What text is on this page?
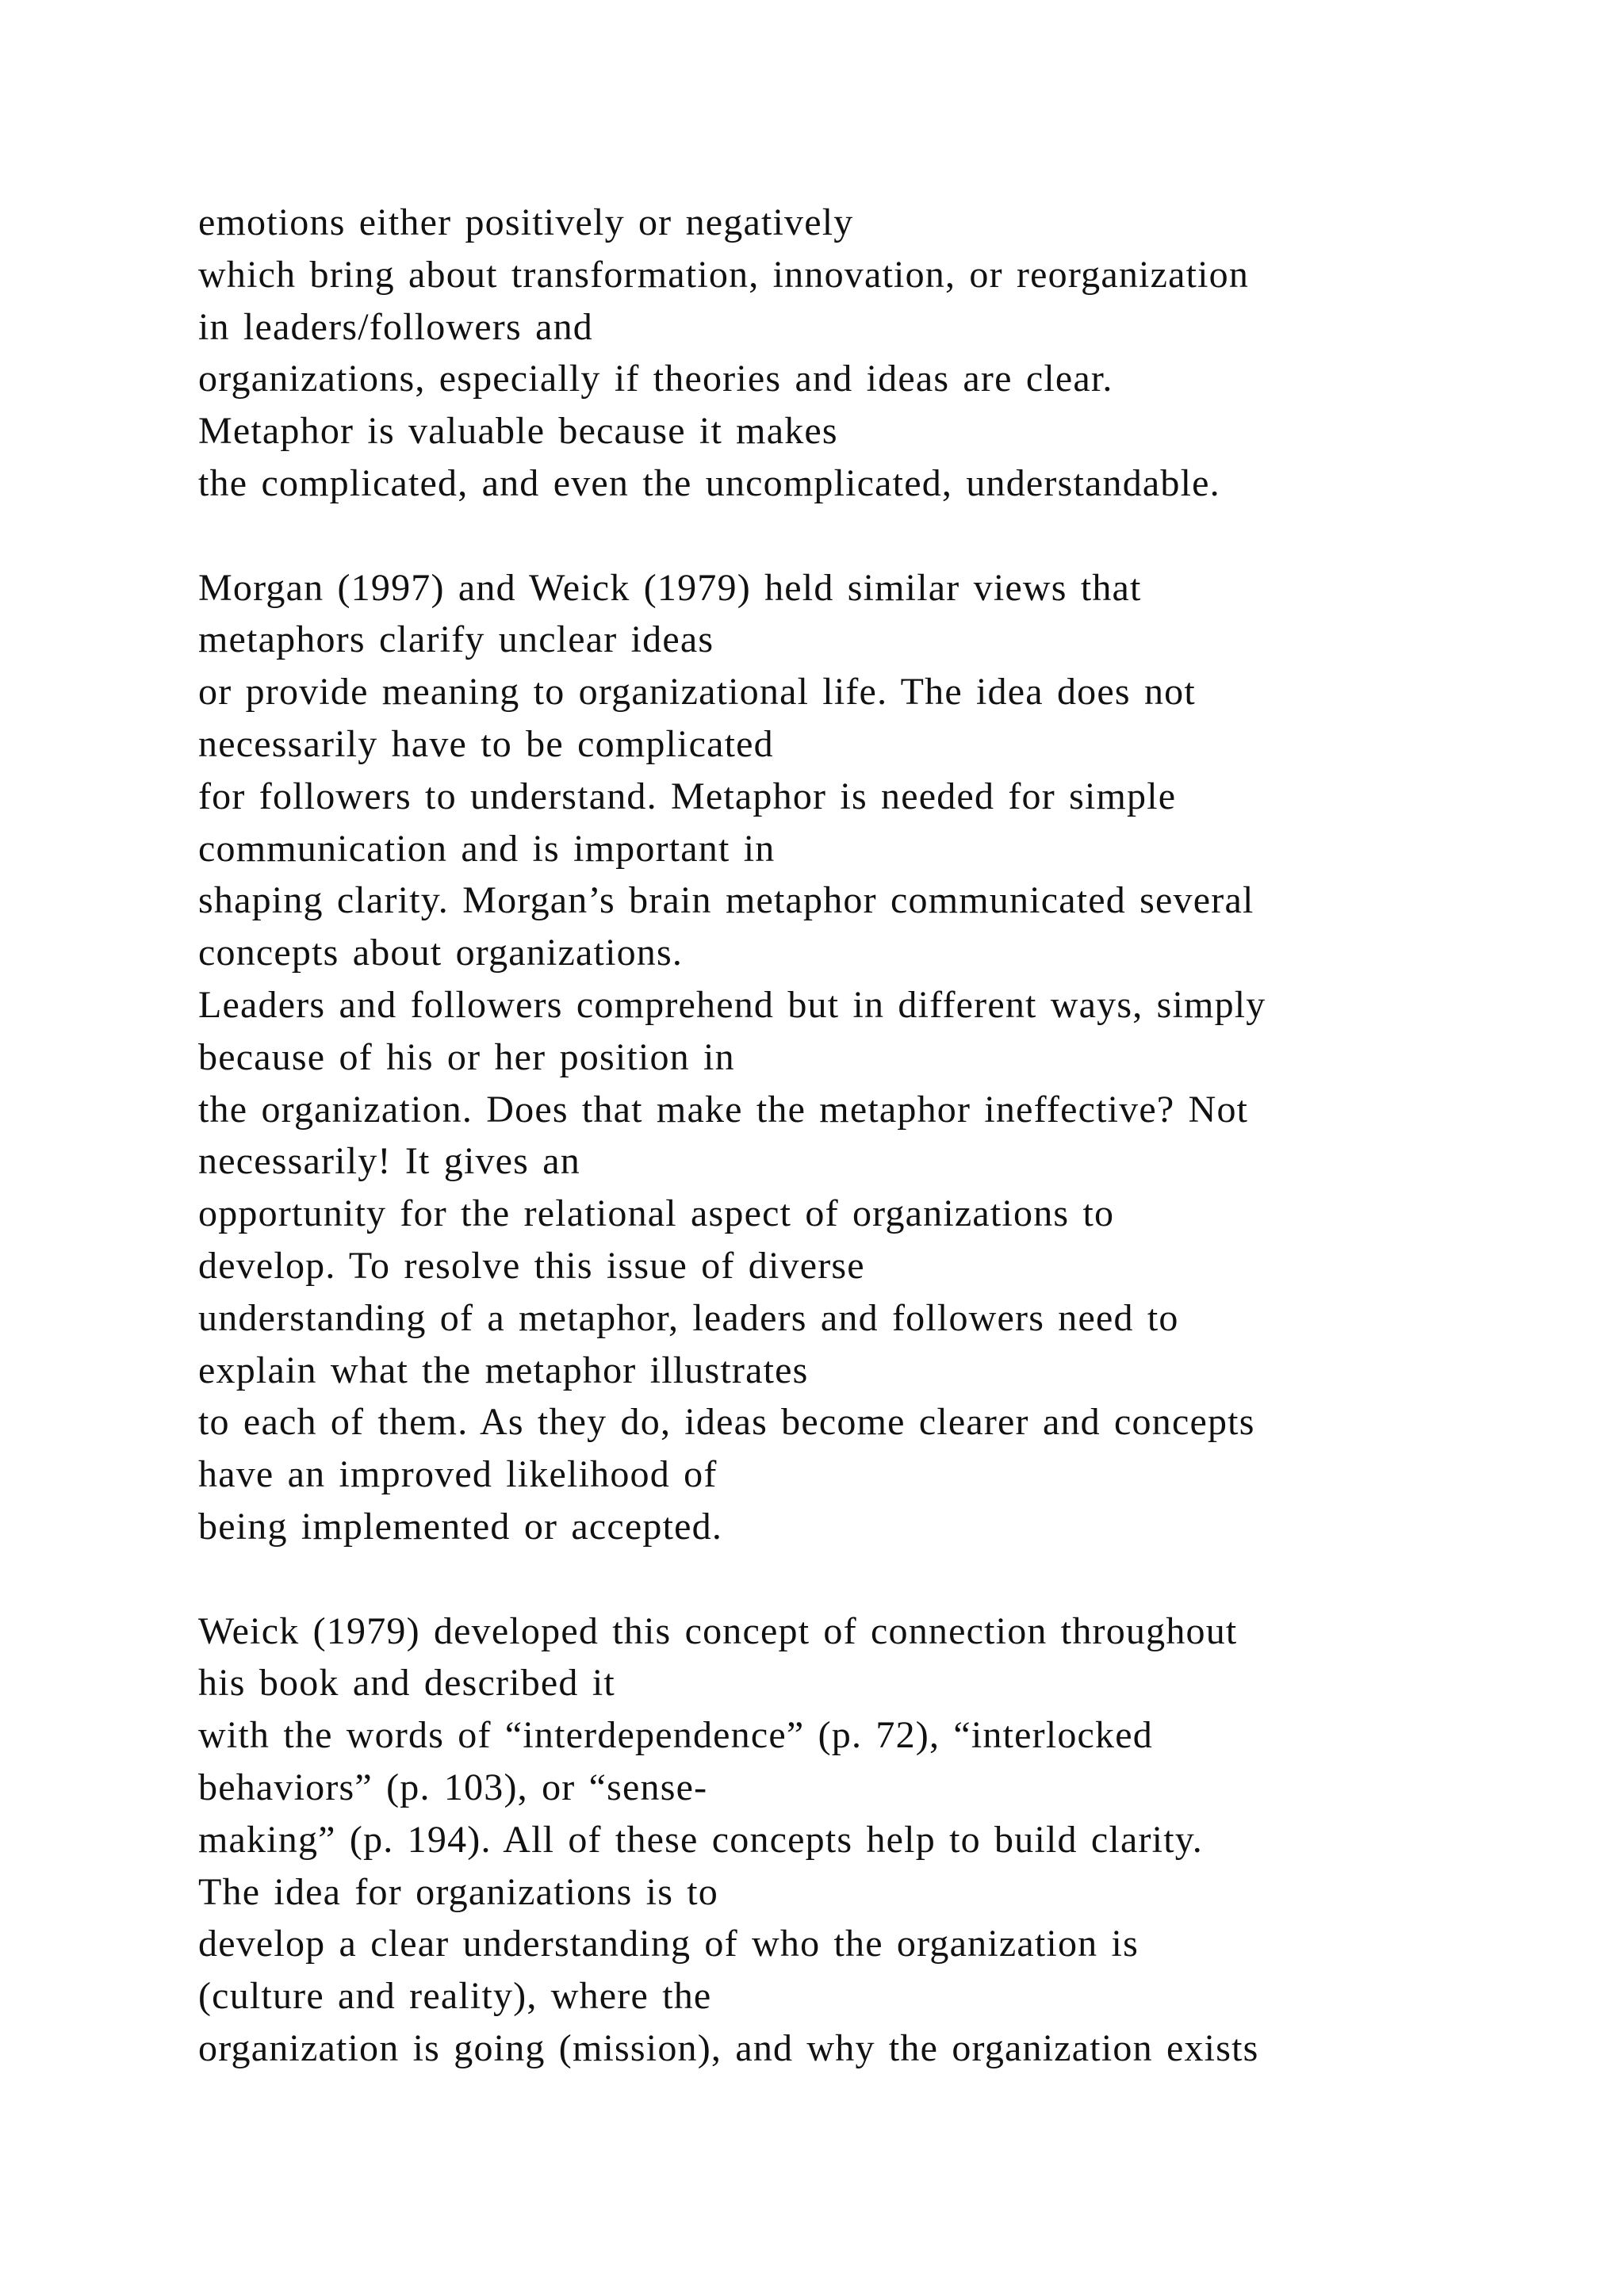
emotions either positively or negatively
which bring about transformation, innovation, or reorganization
in leaders/followers and
organizations, especially if theories and ideas are clear.
Metaphor is valuable because it makes
the complicated, and even the uncomplicated, understandable.
Morgan (1997) and Weick (1979) held similar views that
metaphors clarify unclear ideas
or provide meaning to organizational life. The idea does not
necessarily have to be complicated
for followers to understand. Metaphor is needed for simple
communication and is important in
shaping clarity. Morgan’s brain metaphor communicated several
concepts about organizations.
Leaders and followers comprehend but in different ways, simply
because of his or her position in
the organization. Does that make the metaphor ineffective? Not
necessarily! It gives an
opportunity for the relational aspect of organizations to
develop. To resolve this issue of diverse
understanding of a metaphor, leaders and followers need to
explain what the metaphor illustrates
to each of them. As they do, ideas become clearer and concepts
have an improved likelihood of
being implemented or accepted.
Weick (1979) developed this concept of connection throughout
his book and described it
with the words of “interdependence” (p. 72), “interlocked
behaviors” (p. 103), or “sense-
making” (p. 194). All of these concepts help to build clarity.
The idea for organizations is to
develop a clear understanding of who the organization is
(culture and reality), where the
organization is going (mission), and why the organization exists
